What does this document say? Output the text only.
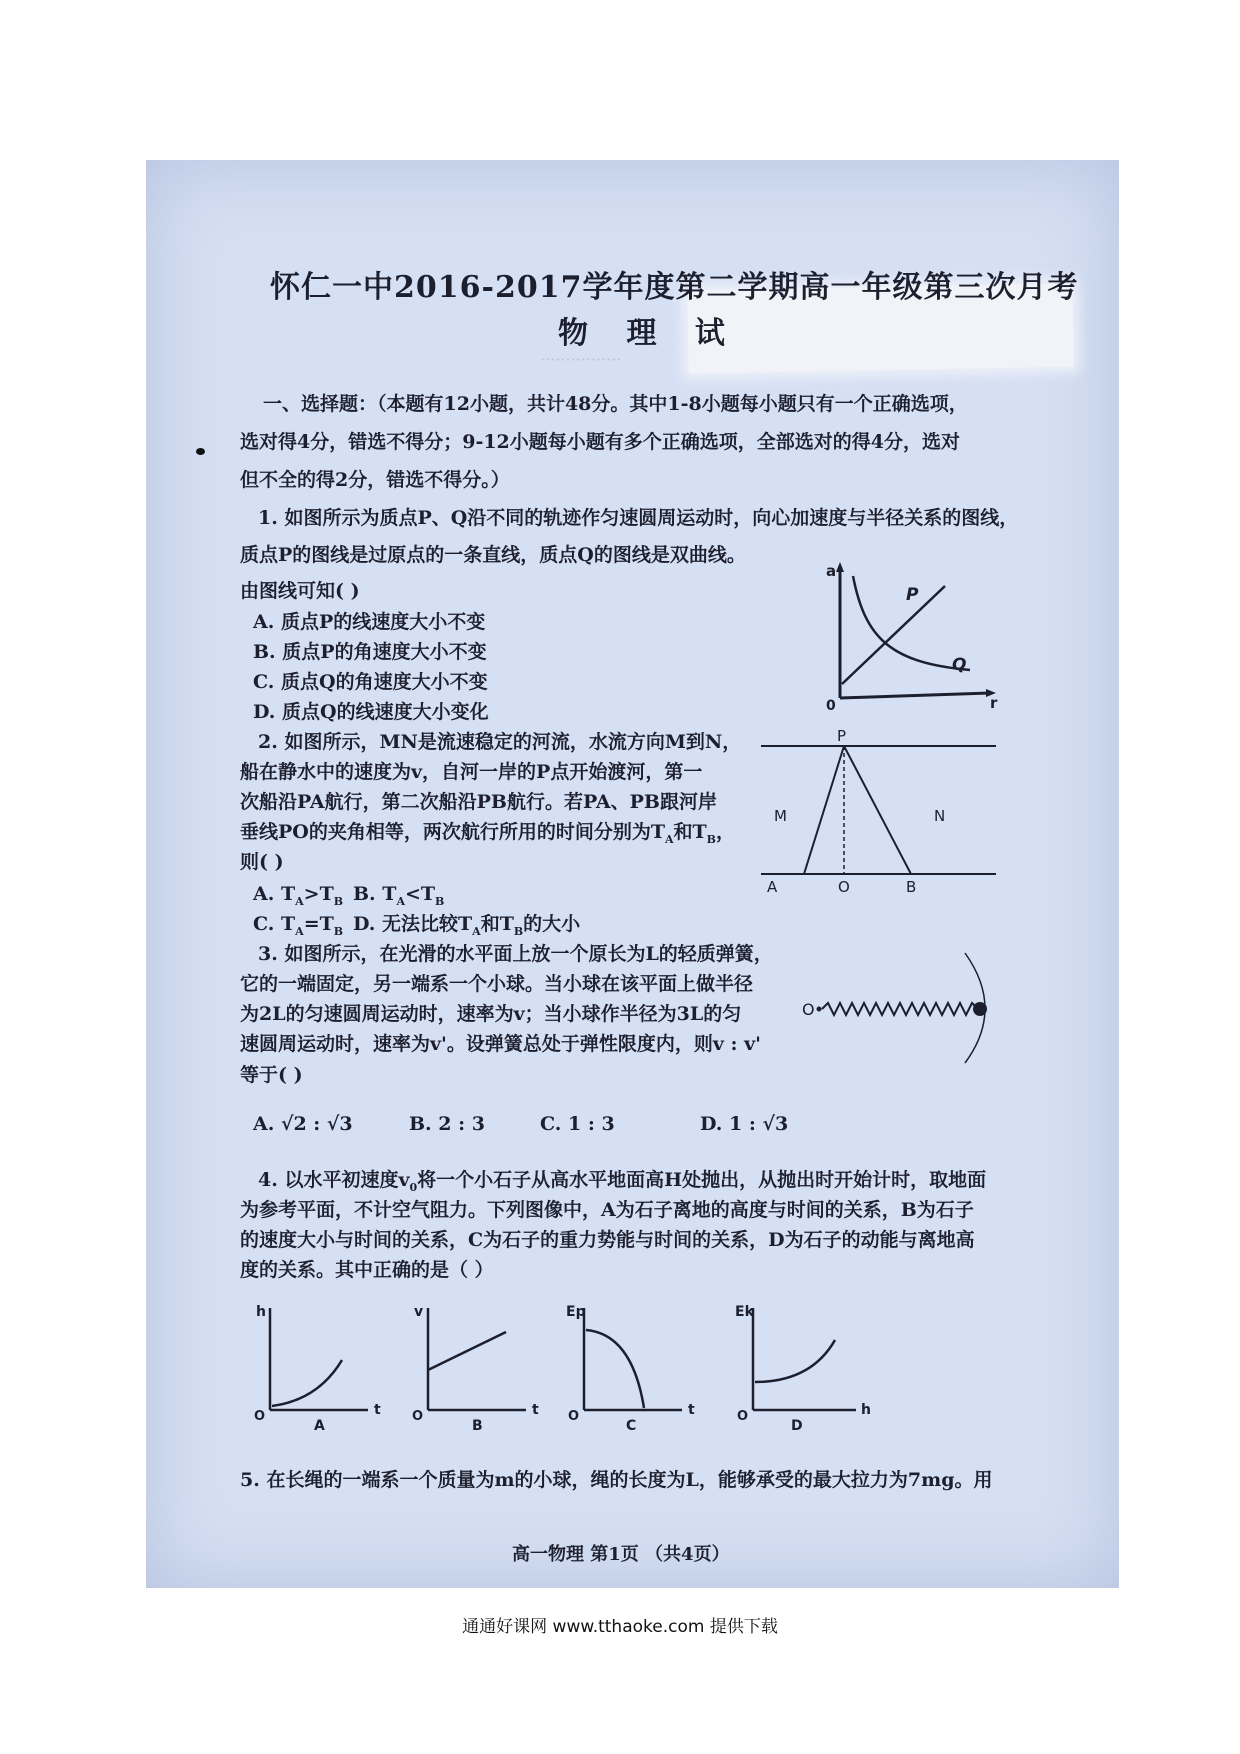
················
怀仁一中2016-2017学年度第二学期高一年级第三次月考
物 理 试
一、选择题：（本题有12小题，共计48分。其中1-8小题每小题只有一个正确选项，
选对得4分，错选不得分；9-12小题每小题有多个正确选项，全部选对的得4分，选对
但不全的得2分，错选不得分。）
1. 如图所示为质点P、Q沿不同的轨迹作匀速圆周运动时，向心加速度与半径关系的图线，
质点P的图线是过原点的一条直线，质点Q的图线是双曲线。
由图线可知( )
A. 质点P的线速度大小不变
B. 质点P的角速度大小不变
C. 质点Q的角速度大小不变
D. 质点Q的线速度大小变化
a
r
0
P
Q
2. 如图所示，MN是流速稳定的河流，水流方向M到N，
船在静水中的速度为v，自河一岸的P点开始渡河，第一
次船沿PA航行，第二次船沿PB航行。若PA、PB跟河岸
垂线PO的夹角相等，两次航行所用的时间分别为$T_A$和$T_B$，
则( )
A. $T_A>T_B$ B. $T_A<T_B$
C. $T_A=T_B$ D. 无法比较$T_A$和$T_B$的大小
P
M	N
A	O	B
3. 如图所示，在光滑的水平面上放一个原长为L的轻质弹簧，
它的一端固定，另一端系一个小球。当小球在该平面上做半径
为2L的匀速圆周运动时，速率为v；当小球作半径为3L的匀
速圆周运动时，速率为v'。设弹簧总处于弹性限度内，则v : v'
等于( )
A. √2 : √3	B. 2 : 3	C. 1 : 3	D. 1 : √3
O
4. 以水平初速度$v_0$将一个小石子从高水平地面高H处抛出，从抛出时开始计时，取地面
为参考平面，不计空气阻力。下列图像中，A为石子离地的高度与时间的关系，B为石子
的速度大小与时间的关系，C为石子的重力势能与时间的关系，D为石子的动能与离地高
度的关系。其中正确的是（ ）
h
t
O
A
v
t
O
B
Ep
t
O
C
Ek
h
O
D
5. 在长绳的一端系一个质量为m的小球，绳的长度为L，能够承受的最大拉力为7mg。用
高一物理 第1页 （共4页）
通通好课网 www.tthaoke.com 提供下载
